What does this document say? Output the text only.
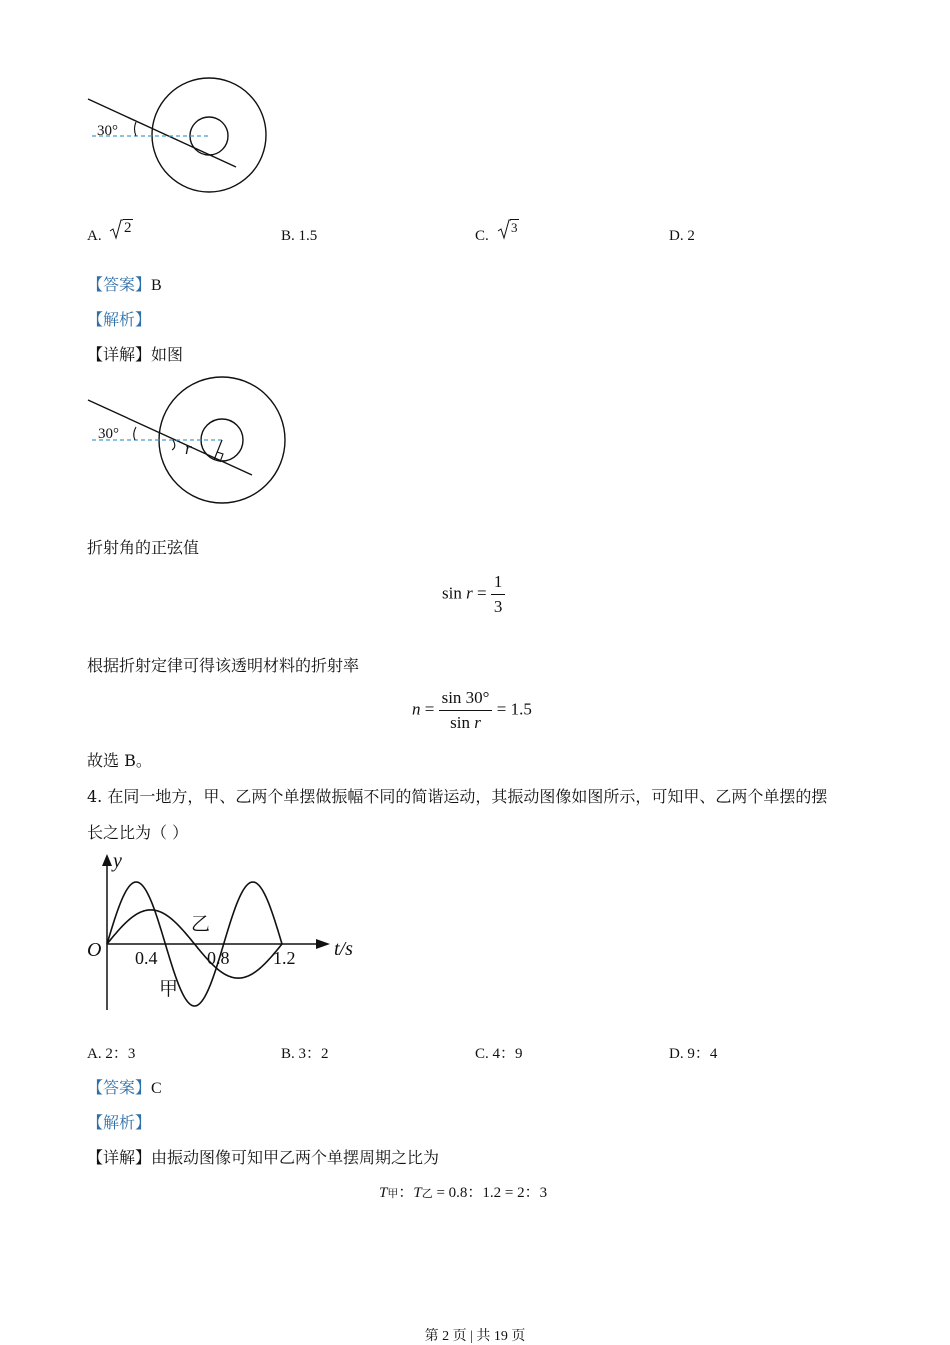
30°
A. 2	B. 1.5	C.
3
D. 2
【答案】B
【解析】
【详解】如图
30°
r
折射角的正弦值
$\sin r = \frac{1}{3}$
根据折射定律可得该透明材料的折射率
$n = \frac{\sin 30^\circ}{\text{sin r}} = 1.5$
故选 B。
4. 在同一地方，甲、乙两个单摆做振幅不同的简谐运动，其振动图像如图所示，可知甲、乙两个单摆的摆
长之比为（ ）
y
t/s
O 0.4	0.8 1.2
乙
甲
A. 2：3	B. 3：2	C. 4：9	D. 9：4
【答案】C
【解析】
【详解】由振动图像可知甲乙两个单摆周期之比为
T甲：T乙 = 0.8：1.2 = 2：3
第 2 页 | 共 19 页
